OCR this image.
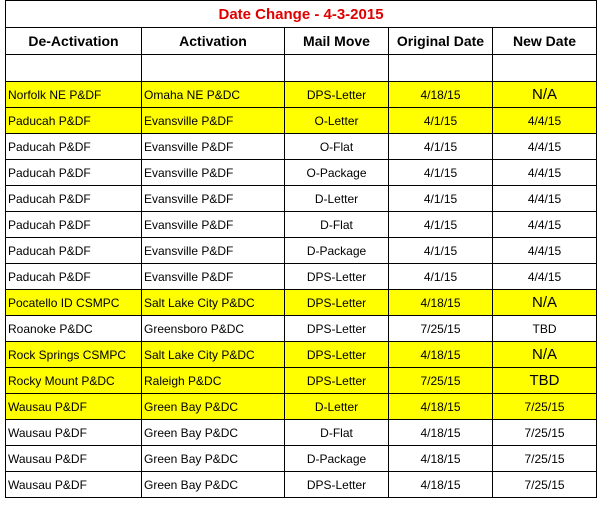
Date Change - 4-3-2015				
De-Activation	Activation	Mail Move	Original Date	New Date

Norfolk NE P&DF	Omaha NE P&DC	DPS-Letter	4/18/15	N/A
Paducah P&DF	Evansville P&DF	O-Letter	4/1/15	4/4/15
Paducah P&DF	Evansville P&DF	O-Flat	4/1/15	4/4/15
Paducah P&DF	Evansville P&DF	O-Package	4/1/15	4/4/15
Paducah P&DF	Evansville P&DF	D-Letter	4/1/15	4/4/15
Paducah P&DF	Evansville P&DF	D-Flat	4/1/15	4/4/15
Paducah P&DF	Evansville P&DF	D-Package	4/1/15	4/4/15
Paducah P&DF	Evansville P&DF	DPS-Letter	4/1/15	4/4/15
Pocatello ID CSMPC	Salt Lake City P&DC	DPS-Letter	4/18/15	N/A
Roanoke P&DC	Greensboro P&DC	DPS-Letter	7/25/15	TBD
Rock Springs CSMPC	Salt Lake City P&DC	DPS-Letter	4/18/15	N/A
Rocky Mount P&DC	Raleigh P&DC	DPS-Letter	7/25/15	TBD
Wausau P&DF	Green Bay P&DC	D-Letter	4/18/15	7/25/15
Wausau P&DF	Green Bay P&DC	D-Flat	4/18/15	7/25/15
Wausau P&DF	Green Bay P&DC	D-Package	4/18/15	7/25/15
Wausau P&DF	Green Bay P&DC	DPS-Letter	4/18/15	7/25/15
